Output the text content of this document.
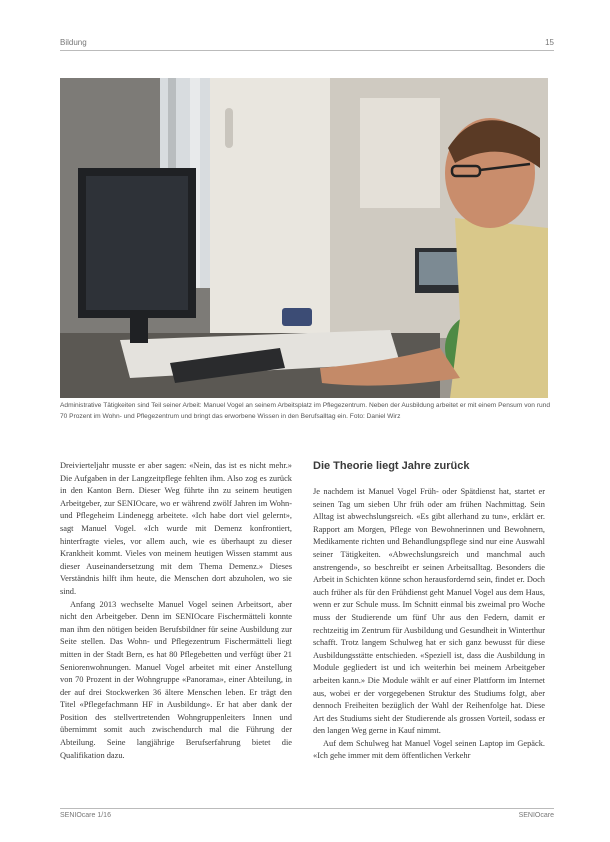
Bildung	15
Administrative Tätigkeiten sind Teil seiner Arbeit: Manuel Vogel an seinem Arbeitsplatz im Pflegezentrum. Neben der Ausbildung arbeitet er mit einem Pensum von rund 70 Prozent im Wohn- und Pflegezentrum und bringt das erworbene Wissen in den Berufsalltag ein. Foto: Daniel Wirz

Dreivierteljahr musste er aber sagen: «Nein, das ist es nicht mehr.» Die Aufgaben in der Langzeitpflege fehlten ihm. Also zog es zurück in den Kanton Bern. Dieser Weg führte ihn zu seinem heutigen Arbeitgeber, zur SENIOcare, wo er während zwölf Jahren im Wohn- und Pflegeheim Lindenegg arbeitete. «Ich habe dort viel gelernt», sagt Manuel Vogel. «Ich wurde mit Demenz konfrontiert, hinterfragte vieles, vor allem auch, wie es überhaupt zu dieser Krankheit kommt. Vieles von meinem heutigen Wissen stammt aus dieser Auseinandersetzung mit dem Thema Demenz.» Dieses Verständnis hilft ihm heute, die Menschen dort abzuholen, wo sie sind.

Anfang 2013 wechselte Manuel Vogel seinen Arbeitsort, aber nicht den Arbeitgeber. Denn im SENIOcare Fischermätteli konnte man ihm den nötigen beiden Berufsbildner für seine Ausbildung zur Seite stellen. Das Wohn- und Pflegezentrum Fischermätteli liegt mitten in der Stadt Bern, es hat 80 Pflegebetten und verfügt über 21 Seniorenwohnungen. Manuel Vogel arbeitet mit einer Anstellung von 70 Prozent in der Wohngruppe «Panorama», einer Abteilung, in der auf drei Stockwerken 36 ältere Menschen leben. Er trägt den Titel «Pflegefachmann HF in Ausbildung». Er hat aber dank der Position des stellvertretenden Wohngruppenleiters Innen und übernimmt somit auch zwischendurch mal die Führung der Abteilung. Seine langjährige Berufserfahrung bietet die Qualifikation dazu.

Die Theorie liegt Jahre zurück

Je nachdem ist Manuel Vogel Früh- oder Spätdienst hat, startet er seinen Tag um sieben Uhr früh oder am frühen Nachmittag. Sein Alltag ist abwechslungsreich. «Es gibt allerhand zu tun», erklärt er. Rapport am Morgen, Pflege von Bewohnerinnen und Bewohnern, Medikamente richten und Behandlungspflege sind nur eine Auswahl seiner Tätigkeiten. «Abwechslungsreich und manchmal auch anstrengend», so beschreibt er seinen Arbeitsalltag. Besonders die Arbeit in Schichten könne schon herausfordernd sein, findet er. Doch auch früher als für den Frühdienst geht Manuel Vogel aus dem Haus, wenn er zur Schule muss. Im Schnitt einmal bis zweimal pro Woche muss der Studierende um fünf Uhr aus den Federn, damit er rechtzeitig im Zentrum für Ausbildung und Gesundheit in Winterthur schafft. Trotz langem Schulweg hat er sich ganz bewusst für diese Ausbildungsstätte entschieden. «Speziell ist, dass die Ausbildung in Module gegliedert ist und ich weiterhin bei meinem Arbeitgeber arbeiten kann.» Die Module wählt er auf einer Plattform im Internet aus, wobei er der vorgegebenen Struktur des Studiums folgt, aber dennoch Freiheiten bezüglich der Wahl der Reihenfolge hat. Diese Art des Studiums sieht der Studierende als grossen Vorteil, sodass er den langen Weg gerne in Kauf nimmt.

Auf dem Schulweg hat Manuel Vogel seinen Laptop im Gepäck. «Ich gehe immer mit dem öffentlichen Verkehr

SENIOcare 1/16	SENIOcare
